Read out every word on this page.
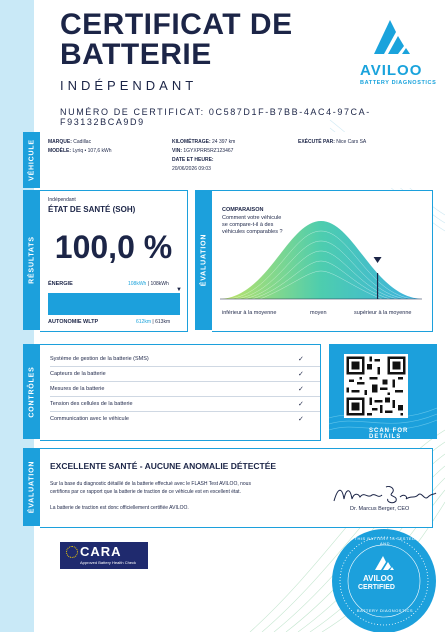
CERTIFICAT DE
BATTERIE
INDÉPENDANT
NUMÉRO DE CERTIFICAT: 0C587D1F-B7BB-4AC4-97CA-F93132BCA9D9
AVILOO
BATTERY DIAGNOSTICS
VÉHICULE	MARQUE: Cadillac
MODÈLE: Lyriq • 107,6 kWh
KILOMÉTRAGE: 24 397 km
VIN: 1GYXPRR5RZ123467
DATE ET HEURE:
20/06/2026 09:03
EXÉCUTÉ PAR: Nice Cars SA
RÉSULTATS
Indépendant
ÉTAT DE SANTÉ (SOH)
100,0 %
ÉNERGIE	108kWh | 108kWh
▼
AUTONOMIE WLTP	612km | 613km
ÉVALUATION
COMPARAISON
Comment votre véhicule
se compare-t-il à des
véhicules comparables ?
inférieur à la moyenne	moyen	supérieur à la moyenne
CONTRÔLES
Système de gestion de la batterie (SMS)	✓
Capteurs de la batterie	✓
Mesures de la batterie	✓
Tension des cellules de la batterie	✓
Communication avec le véhicule	✓
SCAN FOR DETAILS
ÉVALUATION EXCELLENTE SANTÉ - AUCUNE ANOMALIE DÉTECTÉE
Sur la base du diagnostic détaillé de la batterie effectué avec le FLASH Test AVILOO, nous
certifions par ce rapport que la batterie de traction de ce véhicule est en excellent état.
La batterie de traction est donc officiellement certifiée AVILOO.	Dr. Marcus Berger, CEO
CARA
Approved Battery Health Check
AVILOO
CERTIFIED
THIS BATTERY IS TESTED AND
BATTERY DIAGNOSTICS
